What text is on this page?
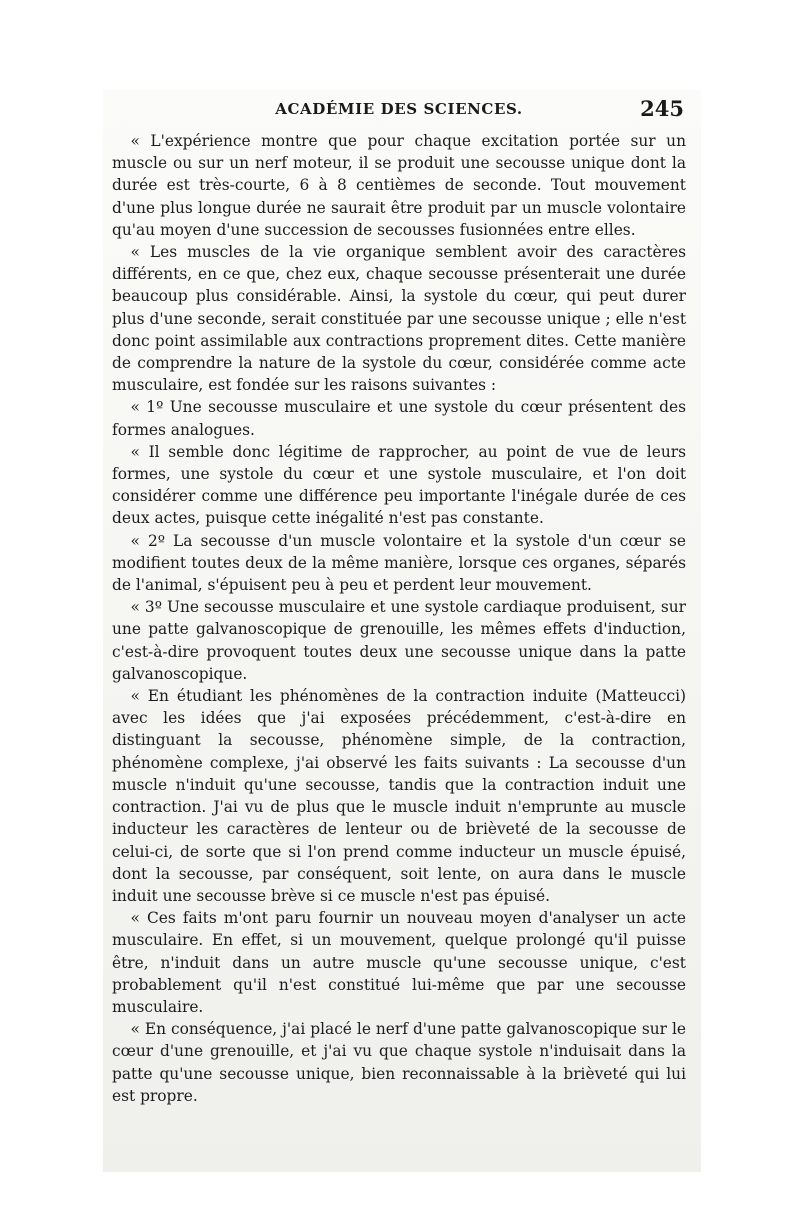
ACADÉMIE DES SCIENCES.	245

« L'expérience montre que pour chaque excitation portée sur un muscle ou sur un nerf moteur, il se produit une secousse unique dont la durée est très-courte, 6 à 8 centièmes de seconde. Tout mouvement d'une plus longue durée ne saurait être produit par un muscle volontaire qu'au moyen d'une succession de secousses fusionnées entre elles.

« Les muscles de la vie organique semblent avoir des caractères différents, en ce que, chez eux, chaque secousse présenterait une durée beaucoup plus considérable. Ainsi, la systole du cœur, qui peut durer plus d'une seconde, serait constituée par une secousse unique ; elle n'est donc point assimilable aux contractions proprement dites. Cette manière de comprendre la nature de la systole du cœur, considérée comme acte musculaire, est fondée sur les raisons suivantes :

« 1º Une secousse musculaire et une systole du cœur présentent des formes analogues.

« Il semble donc légitime de rapprocher, au point de vue de leurs formes, une systole du cœur et une systole musculaire, et l'on doit considérer comme une différence peu importante l'inégale durée de ces deux actes, puisque cette inégalité n'est pas constante.

« 2º La secousse d'un muscle volontaire et la systole d'un cœur se modifient toutes deux de la même manière, lorsque ces organes, séparés de l'animal, s'épuisent peu à peu et perdent leur mouvement.

« 3º Une secousse musculaire et une systole cardiaque produisent, sur une patte galvanoscopique de grenouille, les mêmes effets d'induction, c'est-à-dire provoquent toutes deux une secousse unique dans la patte galvanoscopique.

« En étudiant les phénomènes de la contraction induite (Matteucci) avec les idées que j'ai exposées précédemment, c'est-à-dire en distinguant la secousse, phénomène simple, de la contraction, phénomène complexe, j'ai observé les faits suivants : La secousse d'un muscle n'induit qu'une secousse, tandis que la contraction induit une contraction. J'ai vu de plus que le muscle induit n'emprunte au muscle inducteur les caractères de lenteur ou de brièveté de la secousse de celui-ci, de sorte que si l'on prend comme inducteur un muscle épuisé, dont la secousse, par conséquent, soit lente, on aura dans le muscle induit une secousse brève si ce muscle n'est pas épuisé.

« Ces faits m'ont paru fournir un nouveau moyen d'analyser un acte musculaire. En effet, si un mouvement, quelque prolongé qu'il puisse être, n'induit dans un autre muscle qu'une secousse unique, c'est probablement qu'il n'est constitué lui-même que par une secousse musculaire.

« En conséquence, j'ai placé le nerf d'une patte galvanoscopique sur le cœur d'une grenouille, et j'ai vu que chaque systole n'induisait dans la patte qu'une secousse unique, bien reconnaissable à la brièveté qui lui est propre.
